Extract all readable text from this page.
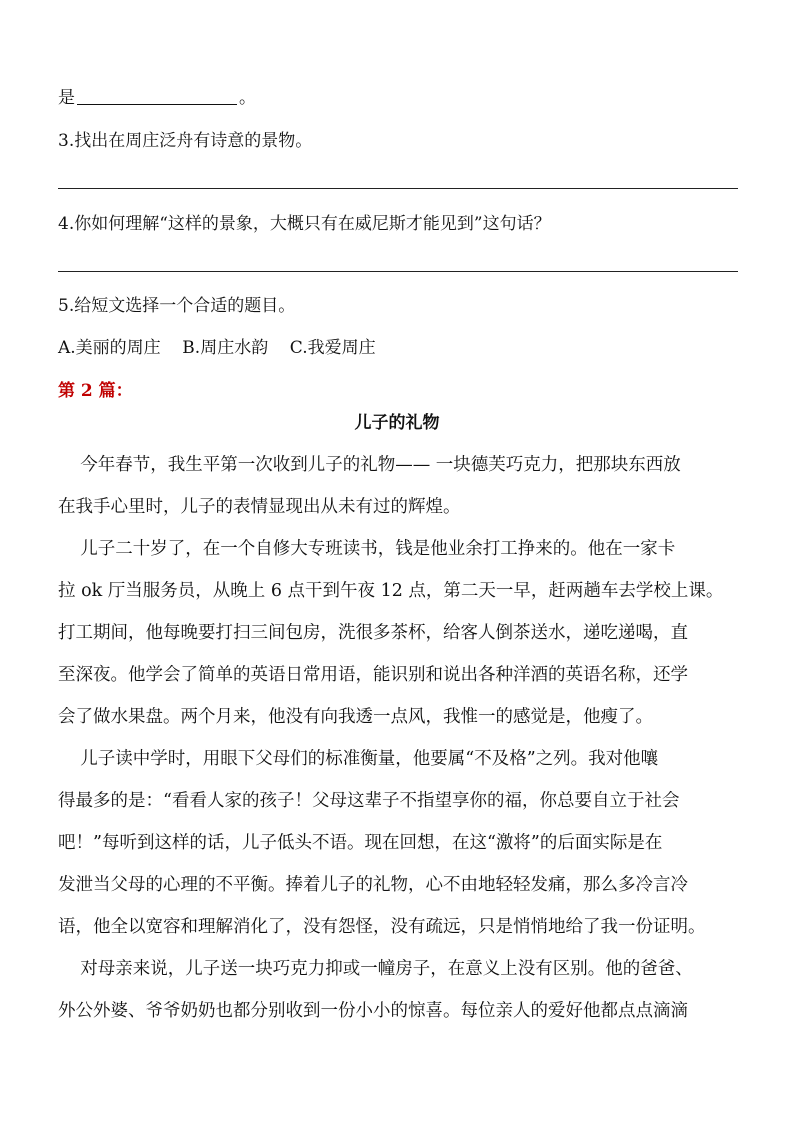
是	。
3.找出在周庄泛舟有诗意的景物。
4.你如何理解“这样的景象，大概只有在威尼斯才能见到”这句话？
5.给短文选择一个合适的题目。
A.美丽的周庄    B.周庄水韵    C.我爱周庄
第 2 篇：
儿子的礼物
今年春节，我生平第一次收到儿子的礼物—— 一块德芙巧克力，把那块东西放
在我手心里时，儿子的表情显现出从未有过的辉煌。
儿子二十岁了，在一个自修大专班读书，钱是他业余打工挣来的。他在一家卡
拉 ok 厅当服务员，从晚上 6 点干到午夜 12 点，第二天一早，赶两趟车去学校上课。
打工期间，他每晚要打扫三间包房，洗很多茶杯，给客人倒茶送水，递吃递喝，直
至深夜。他学会了简单的英语日常用语，能识别和说出各种洋酒的英语名称，还学
会了做水果盘。两个月来，他没有向我透一点风，我惟一的感觉是，他瘦了。
儿子读中学时，用眼下父母们的标准衡量，他要属“不及格”之列。我对他嚷
得最多的是：“看看人家的孩子！父母这辈子不指望享你的福，你总要自立于社会
吧！”每听到这样的话，儿子低头不语。现在回想，在这“激将”的后面实际是在
发泄当父母的心理的不平衡。捧着儿子的礼物，心不由地轻轻发痛，那么多冷言冷
语，他全以宽容和理解消化了，没有怨怪，没有疏远，只是悄悄地给了我一份证明。
对母亲来说，儿子送一块巧克力抑或一幢房子，在意义上没有区别。他的爸爸、
外公外婆、爷爷奶奶也都分别收到一份小小的惊喜。每位亲人的爱好他都点点滴滴
